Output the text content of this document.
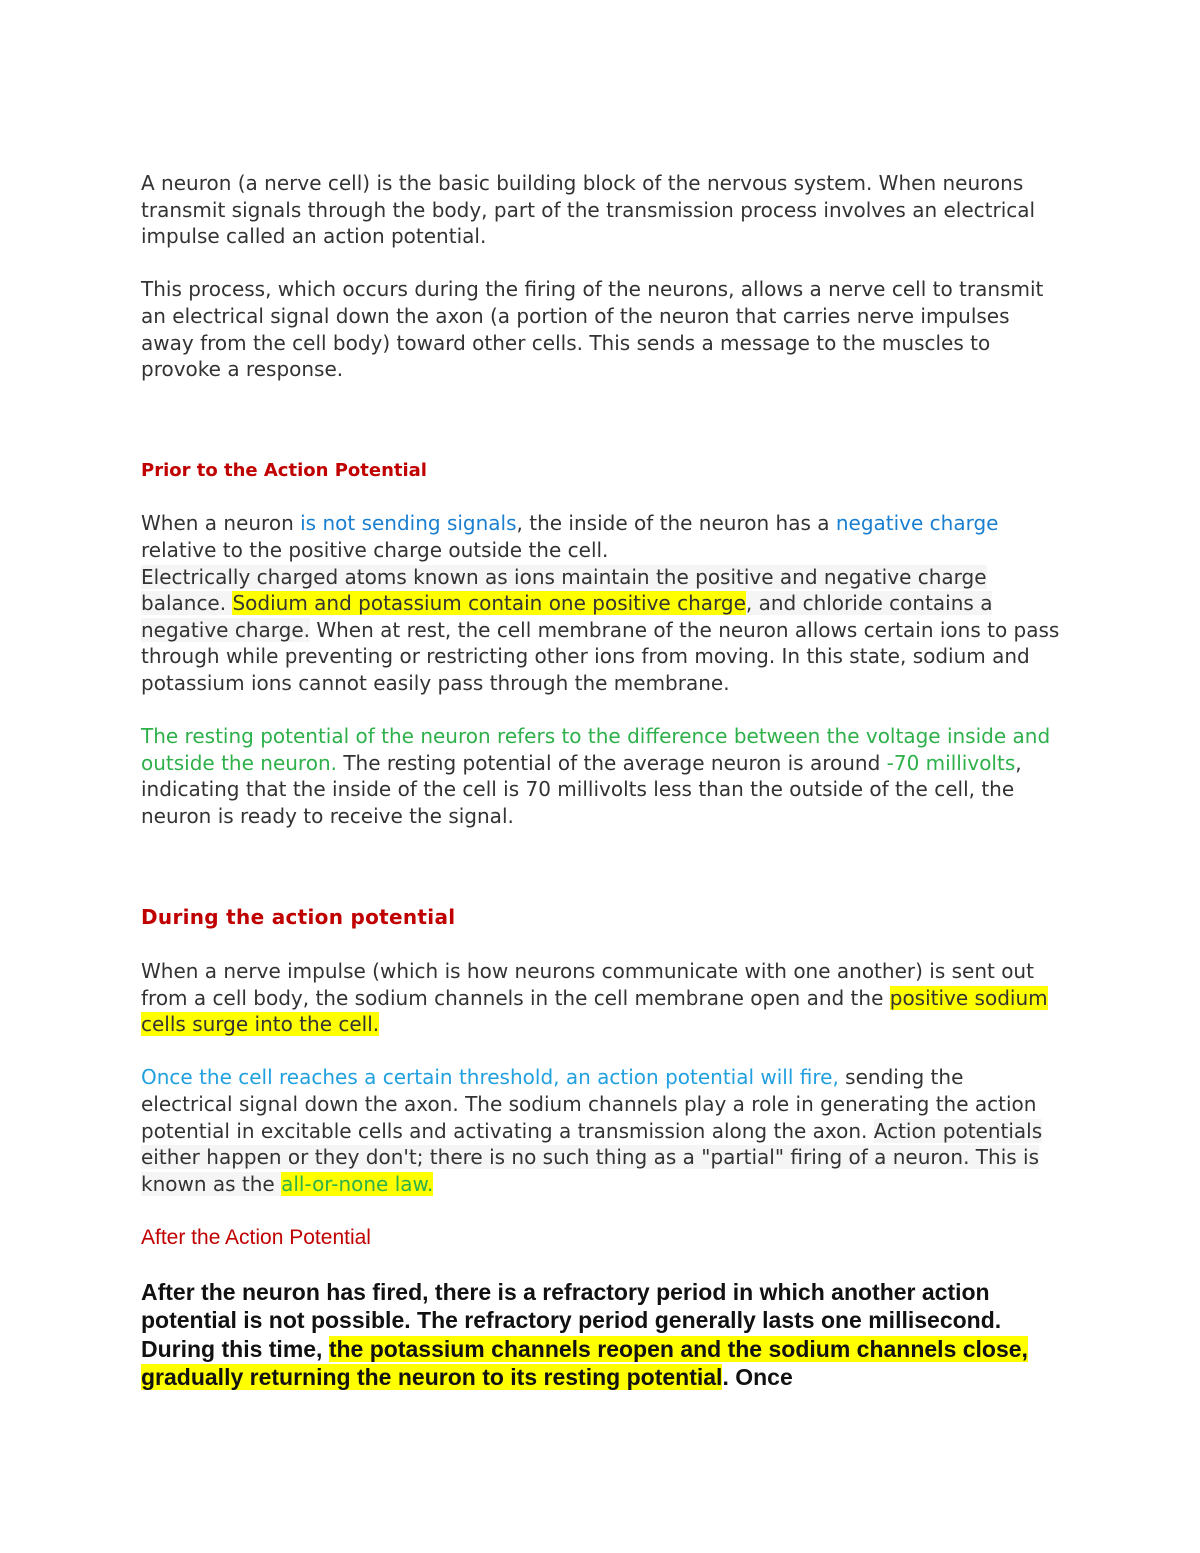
A neuron (a nerve cell) is the basic building block of the nervous system. When neurons transmit signals through the body, part of the transmission process involves an electrical impulse called an action potential.

This process, which occurs during the firing of the neurons, allows a nerve cell to transmit an electrical signal down the axon (a portion of the neuron that carries nerve impulses away from the cell body) toward other cells. This sends a message to the muscles to provoke a response.

Prior to the Action Potential

When a neuron is not sending signals, the inside of the neuron has a negative charge relative to the positive charge outside the cell.

Electrically charged atoms known as ions maintain the positive and negative charge balance. Sodium and potassium contain one positive charge, and chloride contains a negative charge. When at rest, the cell membrane of the neuron allows certain ions to pass through while preventing or restricting other ions from moving. In this state, sodium and potassium ions cannot easily pass through the membrane.

The resting potential of the neuron refers to the difference between the voltage inside and outside the neuron. The resting potential of the average neuron is around -70 millivolts, indicating that the inside of the cell is 70 millivolts less than the outside of the cell, the neuron is ready to receive the signal.

During the action potential

When a nerve impulse (which is how neurons communicate with one another) is sent out from a cell body, the sodium channels in the cell membrane open and the positive sodium cells surge into the cell.

Once the cell reaches a certain threshold, an action potential will fire, sending the electrical signal down the axon. The sodium channels play a role in generating the action potential in excitable cells and activating a transmission along the axon. Action potentials either happen or they don't; there is no such thing as a "partial" firing of a neuron. This is known as the all-or-none law.

After the Action Potential

After the neuron has fired, there is a refractory period in which another action potential is not possible. The refractory period generally lasts one millisecond. During this time, the potassium channels reopen and the sodium channels close, gradually returning the neuron to its resting potential. Once
